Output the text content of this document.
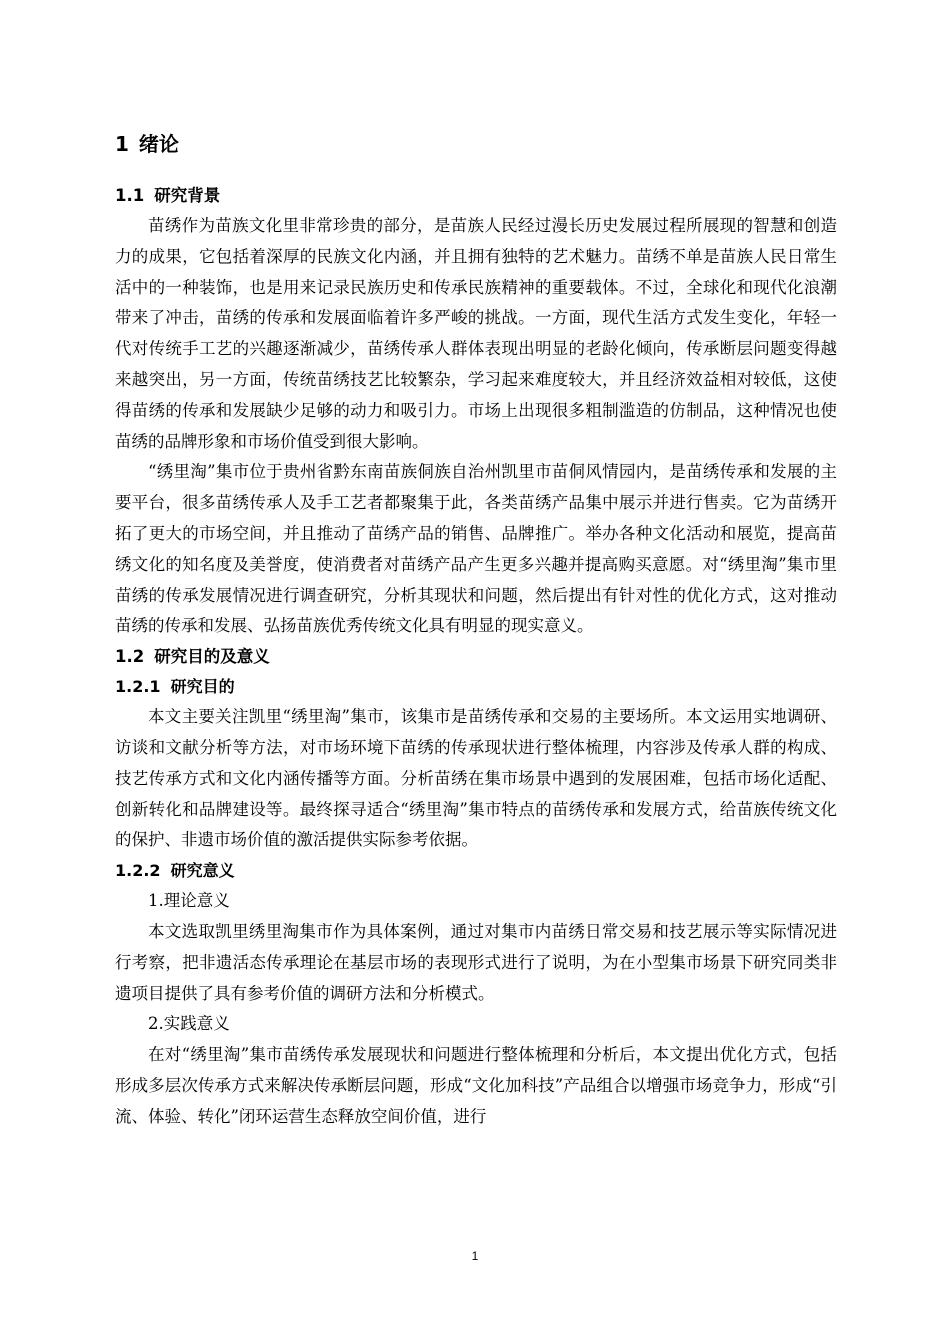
1 绪论
1.1 研究背景

苗绣作为苗族文化里非常珍贵的部分，是苗族人民经过漫长历史发展过程所展现的智慧和创造力的成果，它包括着深厚的民族文化内涵，并且拥有独特的艺术魅力。苗绣不单是苗族人民日常生活中的一种装饰，也是用来记录民族历史和传承民族精神的重要载体。不过，全球化和现代化浪潮带来了冲击，苗绣的传承和发展面临着许多严峻的挑战。一方面，现代生活方式发生变化，年轻一代对传统手工艺的兴趣逐渐减少，苗绣传承人群体表现出明显的老龄化倾向，传承断层问题变得越来越突出，另一方面，传统苗绣技艺比较繁杂，学习起来难度较大，并且经济效益相对较低，这使得苗绣的传承和发展缺少足够的动力和吸引力。市场上出现很多粗制滥造的仿制品，这种情况也使苗绣的品牌形象和市场价值受到很大影响。

“绣里淘”集市位于贵州省黔东南苗族侗族自治州凯里市苗侗风情园内，是苗绣传承和发展的主要平台，很多苗绣传承人及手工艺者都聚集于此，各类苗绣产品集中展示并进行售卖。它为苗绣开拓了更大的市场空间，并且推动了苗绣产品的销售、品牌推广。举办各种文化活动和展览，提高苗绣文化的知名度及美誉度，使消费者对苗绣产品产生更多兴趣并提高购买意愿。对“绣里淘”集市里苗绣的传承发展情况进行调查研究，分析其现状和问题，然后提出有针对性的优化方式，这对推动苗绣的传承和发展、弘扬苗族优秀传统文化具有明显的现实意义。

1.2 研究目的及意义
1.2.1 研究目的

本文主要关注凯里“绣里淘”集市，该集市是苗绣传承和交易的主要场所。本文运用实地调研、访谈和文献分析等方法，对市场环境下苗绣的传承现状进行整体梳理，内容涉及传承人群的构成、技艺传承方式和文化内涵传播等方面。分析苗绣在集市场景中遇到的发展困难，包括市场化适配、创新转化和品牌建设等。最终探寻适合“绣里淘”集市特点的苗绣传承和发展方式，给苗族传统文化的保护、非遗市场价值的激活提供实际参考依据。

1.2.2 研究意义

1.理论意义

本文选取凯里绣里淘集市作为具体案例，通过对集市内苗绣日常交易和技艺展示等实际情况进行考察，把非遗活态传承理论在基层市场的表现形式进行了说明，为在小型集市场景下研究同类非遗项目提供了具有参考价值的调研方法和分析模式。

2.实践意义

在对“绣里淘”集市苗绣传承发展现状和问题进行整体梳理和分析后，本文提出优化方式，包括形成多层次传承方式来解决传承断层问题，形成“文化加科技”产品组合以增强市场竞争力，形成“引流、体验、转化”闭环运营生态释放空间价值，进行

1
